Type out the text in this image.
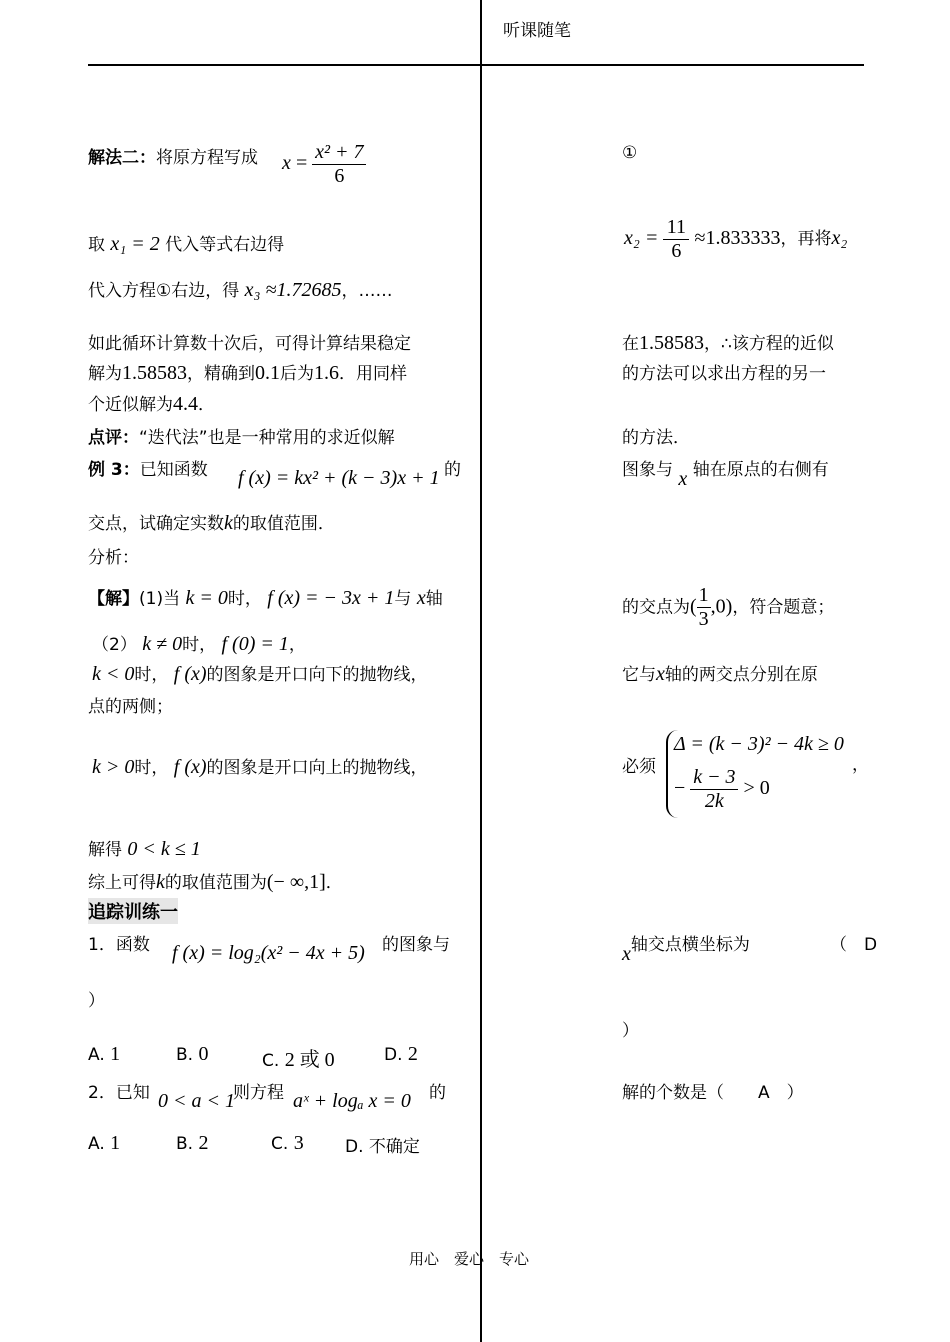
听课随笔
解法二：将原方程写成 $x = \frac{\text{x² + 7}}{6}$
取 x₁ = 2 代入等式右边得
代入方程①右边，得 x₃ ≈1.72685，……
如此循环计算数十次后，可得计算结果稳定
解为1.58583，精确到0.1后为1.6．用同样
个近似解为4.4．
点评：“迭代法”也是一种常用的求近似解
例 3：已知函数 f (x) = kx² + (k − 3)x + 1 的
交点，试确定实数k的取值范围．
分析：
【解】(1)当 k = 0时， f (x) = − 3x + 1与 x轴
（2） k ≠ 0时， f (0) = 1，
k < 0时， f (x)的图象是开口向下的抛物线，
点的两侧；
k > 0时， f (x)的图象是开口向上的抛物线，
解得 0 < k ≤ 1
综上可得k的取值范围为(− ∞,1]．
追踪训练一
1．函数 f (x) = log₂(x² − 4x + 5) 的图象与
）
A. 1	B. 0	C. 2 或 0	D. 2
2．已知 0 < a < 1
则方程 aˣ + logₐ x = 0 的
A. 1	B. 2	C. 3 D. 不确定
①
$x_2 = \frac{11}{6} \approx 1.833333$，再将x₂
在1.58583，∴该方程的近似
的方法可以求出方程的另一
的方法．
图象与 x 轴在原点的右侧有
的交点为( $\frac{1}{3} ,0$)，符合题意；
它与x轴的两交点分别在原
必须
Δ = (k − 3)² − 4k ≥ 0
− $\frac{k - 3}{2k} > 0$
，
x轴交点横坐标为	（　D
）
解的个数是（　　A　）
用心　爱心　专心
